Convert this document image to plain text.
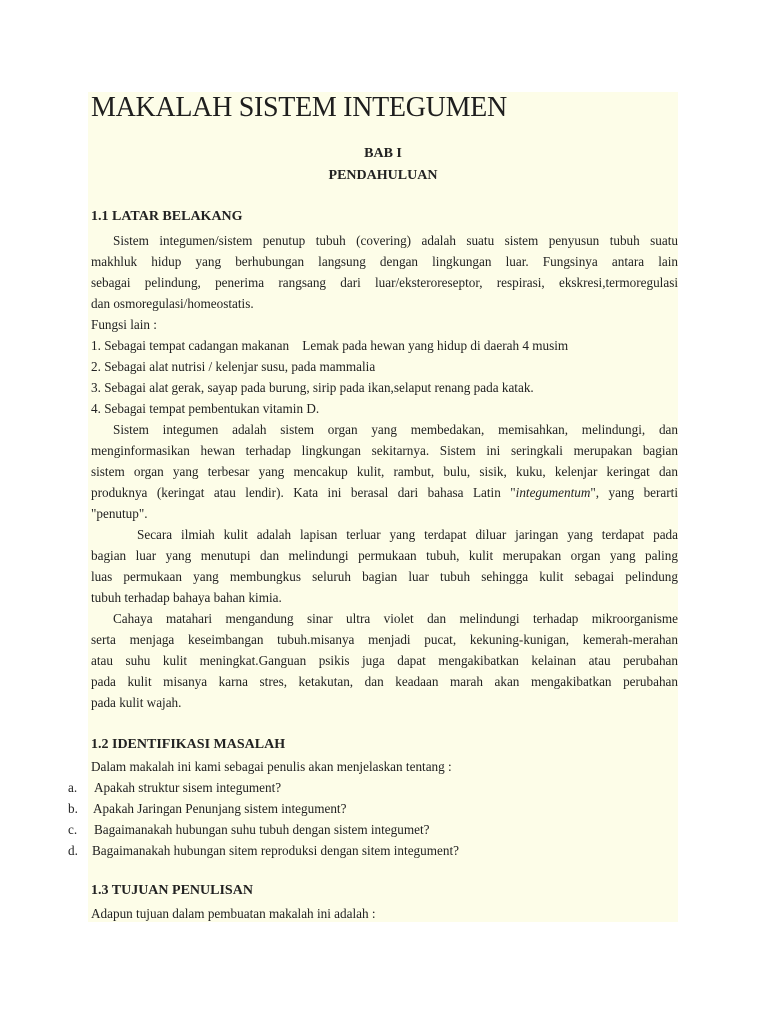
MAKALAH SISTEM INTEGUMEN
BAB I
PENDAHULUAN
1.1 LATAR BELAKANG
Sistem integumen/sistem penutup tubuh (covering) adalah suatu sistem penyusun tubuh suatu
makhluk hidup yang berhubungan langsung dengan lingkungan luar. Fungsinya antara lain
sebagai pelindung, penerima rangsang dari luar/eksteroreseptor, respirasi, ekskresi,termoregulasi
dan osmoregulasi/homeostatis.
Fungsi lain :
1. Sebagai tempat cadangan makanan    Lemak pada hewan yang hidup di daerah 4 musim
2. Sebagai alat nutrisi / kelenjar susu, pada mammalia
3. Sebagai alat gerak, sayap pada burung, sirip pada ikan,selaput renang pada katak.
4. Sebagai tempat pembentukan vitamin D.
Sistem integumen adalah sistem organ yang membedakan, memisahkan, melindungi, dan
menginformasikan hewan terhadap lingkungan sekitarnya. Sistem ini seringkali merupakan bagian
sistem organ yang terbesar yang mencakup kulit, rambut, bulu, sisik, kuku, kelenjar keringat dan
produknya (keringat atau lendir). Kata ini berasal dari bahasa Latin "integumentum", yang berarti
"penutup".
Secara ilmiah kulit adalah lapisan terluar yang terdapat diluar jaringan yang terdapat pada
bagian luar yang menutupi dan melindungi permukaan tubuh, kulit merupakan organ yang paling
luas permukaan yang membungkus seluruh bagian luar tubuh sehingga kulit sebagai pelindung
tubuh terhadap bahaya bahan kimia.
Cahaya matahari mengandung sinar ultra violet dan melindungi terhadap mikroorganisme
serta menjaga keseimbangan tubuh.misanya menjadi pucat, kekuning-kunigan, kemerah-merahan
atau suhu kulit meningkat.Ganguan psikis juga dapat mengakibatkan kelainan atau perubahan
pada kulit misanya karna stres, ketakutan, dan keadaan marah akan mengakibatkan perubahan
pada kulit wajah.
1.2 IDENTIFIKASI MASALAH
Dalam makalah ini kami sebagai penulis akan menjelaskan tentang :
a. Apakah struktur sisem integument?
b. Apakah Jaringan Penunjang sistem integument?
c. Bagaimanakah hubungan suhu tubuh dengan sistem integumet?
d. Bagaimanakah hubungan sitem reproduksi dengan sitem integument?
1.3 TUJUAN PENULISAN
Adapun tujuan dalam pembuatan makalah ini adalah :
